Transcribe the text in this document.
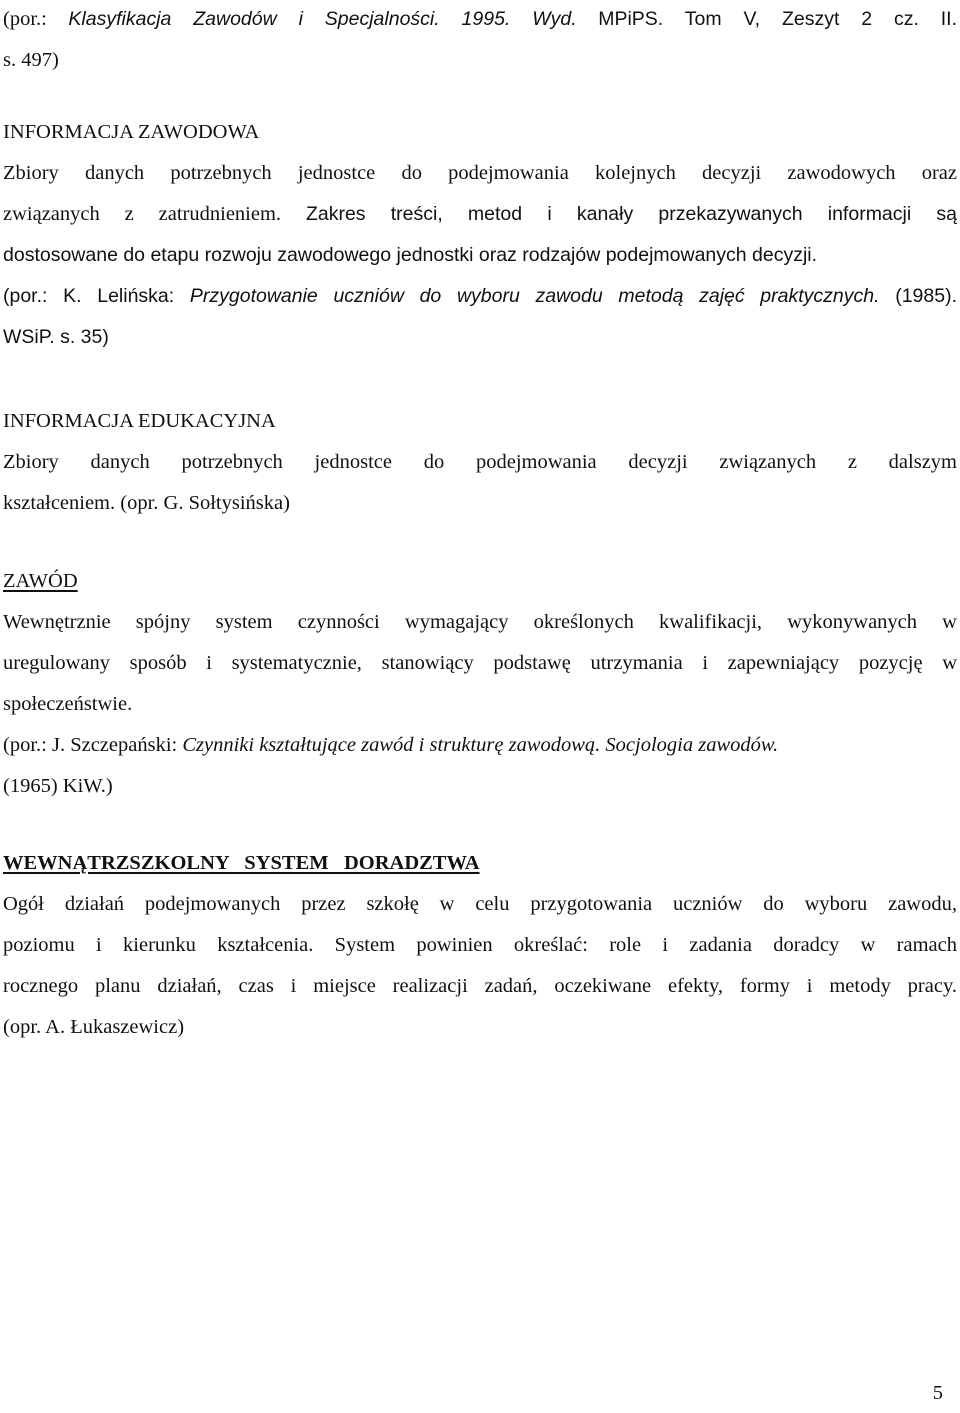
(por.: Klasyfikacja Zawodów i Specjalności. 1995. Wyd. MPiPS. Tom V, Zeszyt 2 cz. II.
s. 497)
INFORMACJA ZAWODOWA
Zbiory danych potrzebnych jednostce do podejmowania kolejnych decyzji zawodowych oraz
związanych z zatrudnieniem. Zakres treści, metod i kanały przekazywanych informacji są
dostosowane do etapu rozwoju zawodowego jednostki oraz rodzajów podejmowanych decyzji.
(por.: K. Lelińska: Przygotowanie uczniów do wyboru zawodu metodą zajęć praktycznych. (1985).
WSiP. s. 35)
INFORMACJA EDUKACYJNA
Zbiory danych potrzebnych jednostce do podejmowania decyzji związanych z dalszym
kształceniem. (opr. G. Sołtysińska)
ZAWÓD
Wewnętrznie spójny system czynności wymagający określonych kwalifikacji, wykonywanych w
uregulowany sposób i systematycznie, stanowiący podstawę utrzymania i zapewniający pozycję w
społeczeństwie.
(por.: J. Szczepański: Czynniki kształtujące zawód i strukturę zawodową. Socjologia zawodów.
(1965) KiW.)
WEWNĄTRZSZKOLNY   SYSTEM   DORADZTWA
Ogół działań podejmowanych przez szkołę w celu przygotowania uczniów do wyboru zawodu,
poziomu i kierunku kształcenia. System powinien określać: role i zadania doradcy w ramach
rocznego planu działań, czas i miejsce realizacji zadań, oczekiwane efekty, formy i metody pracy.
(opr. A. Łukaszewicz)
5
